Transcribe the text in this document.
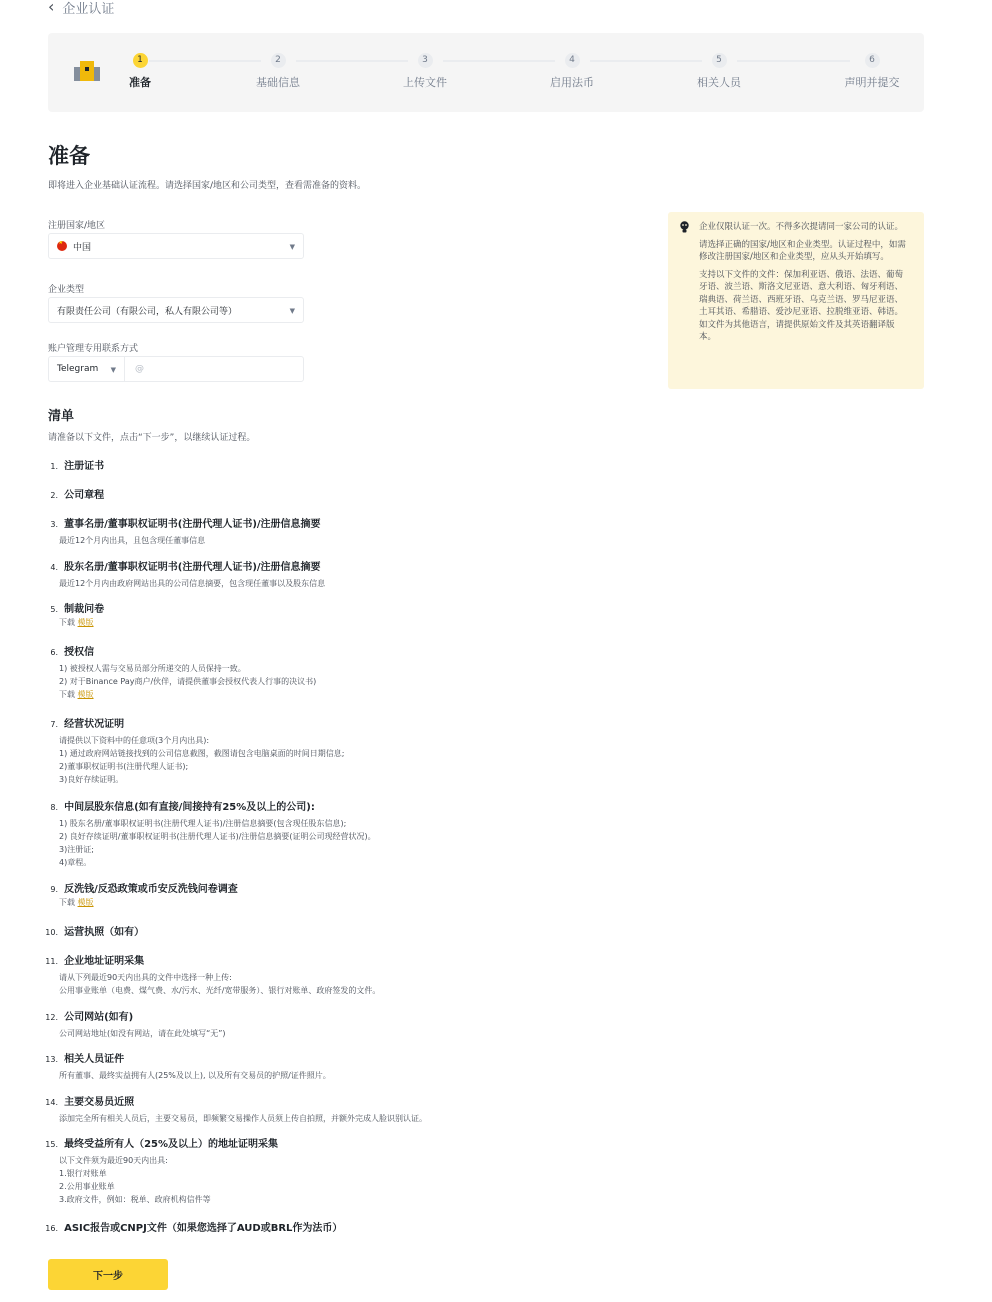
‹ 企业认证
1
准备
2
基础信息
3
上传文件
4
启用法币
5
相关人员
6
声明并提交
准备
即将进入企业基础认证流程。请选择国家/地区和公司类型，查看需准备的资料。
注册国家/地区
★
中国	▼
企业类型
有限责任公司（有限公司，私人有限公司等）	▼
账户管理专用联系方式
Telegram ▼
@

企业仅限认证一次。不得多次提请同一家公司的认证。

请选择正确的国家/地区和企业类型。认证过程中，如需修改注册国家/地区和企业类型，应从头开始填写。

支持以下文件的文件：保加利亚语、俄语、法语、葡萄牙语、波兰语、斯洛文尼亚语、意大利语、匈牙利语、瑞典语、荷兰语、西班牙语、乌克兰语、罗马尼亚语、土耳其语、希腊语、爱沙尼亚语、拉脱维亚语、韩语。如文件为其他语言，请提供原始文件及其英语翻译版本。

清单
请准备以下文件，点击“下一步”，以继续认证过程。
1. 注册证书
2. 公司章程
3. 董事名册/董事职权证明书(注册代理人证书)/注册信息摘要
最近12个月内出具，且包含现任董事信息
4. 股东名册/董事职权证明书(注册代理人证书)/注册信息摘要
最近12个月内由政府网站出具的公司信息摘要，包含现任董事以及股东信息
5. 制裁问卷
下载 模版
6. 授权信
1) 被授权人需与交易员部分所递交的人员保持一致。
2) 对于Binance Pay商户/伙伴，请提供董事会授权代表人行事的决议书)
下载 模版
7. 经营状况证明
请提供以下资料中的任意项(3个月内出具):
1) 通过政府网站链接找到的公司信息截图，截图请包含电脑桌面的时间日期信息;
2)董事职权证明书(注册代理人证书);
3)良好存续证明。
8. 中间层股东信息(如有直接/间接持有25%及以上的公司):
1) 股东名册/董事职权证明书(注册代理人证书)/注册信息摘要(包含现任股东信息);
2) 良好存续证明/董事职权证明书(注册代理人证书)/注册信息摘要(证明公司现经营状况)。
3)注册证;
4)章程。
9. 反洗钱/反恐政策或币安反洗钱问卷调查
下载 模版
10. 运营执照（如有）
11. 企业地址证明采集
请从下列最近90天内出具的文件中选择一种上传:
公用事业账单（电费、煤气费、水/污水、光纤/宽带服务）、银行对账单、政府签发的文件。
12. 公司网站(如有)
公司网站地址(如没有网站，请在此处填写“无”)
13. 相关人员证件
所有董事、最终实益拥有人(25%及以上), 以及所有交易员的护照/证件照片。
14. 主要交易员近照
添加完全所有相关人员后，主要交易员，即频繁交易操作人员须上传自拍照，并额外完成人脸识别认证。
15. 最终受益所有人（25%及以上）的地址证明采集
以下文件须为最近90天内出具:
1.银行对账单
2.公用事业账单
3.政府文件，例如：税单、政府机构信件等
16. ASIC报告或CNPJ文件（如果您选择了AUD或BRL作为法币）
下一步
